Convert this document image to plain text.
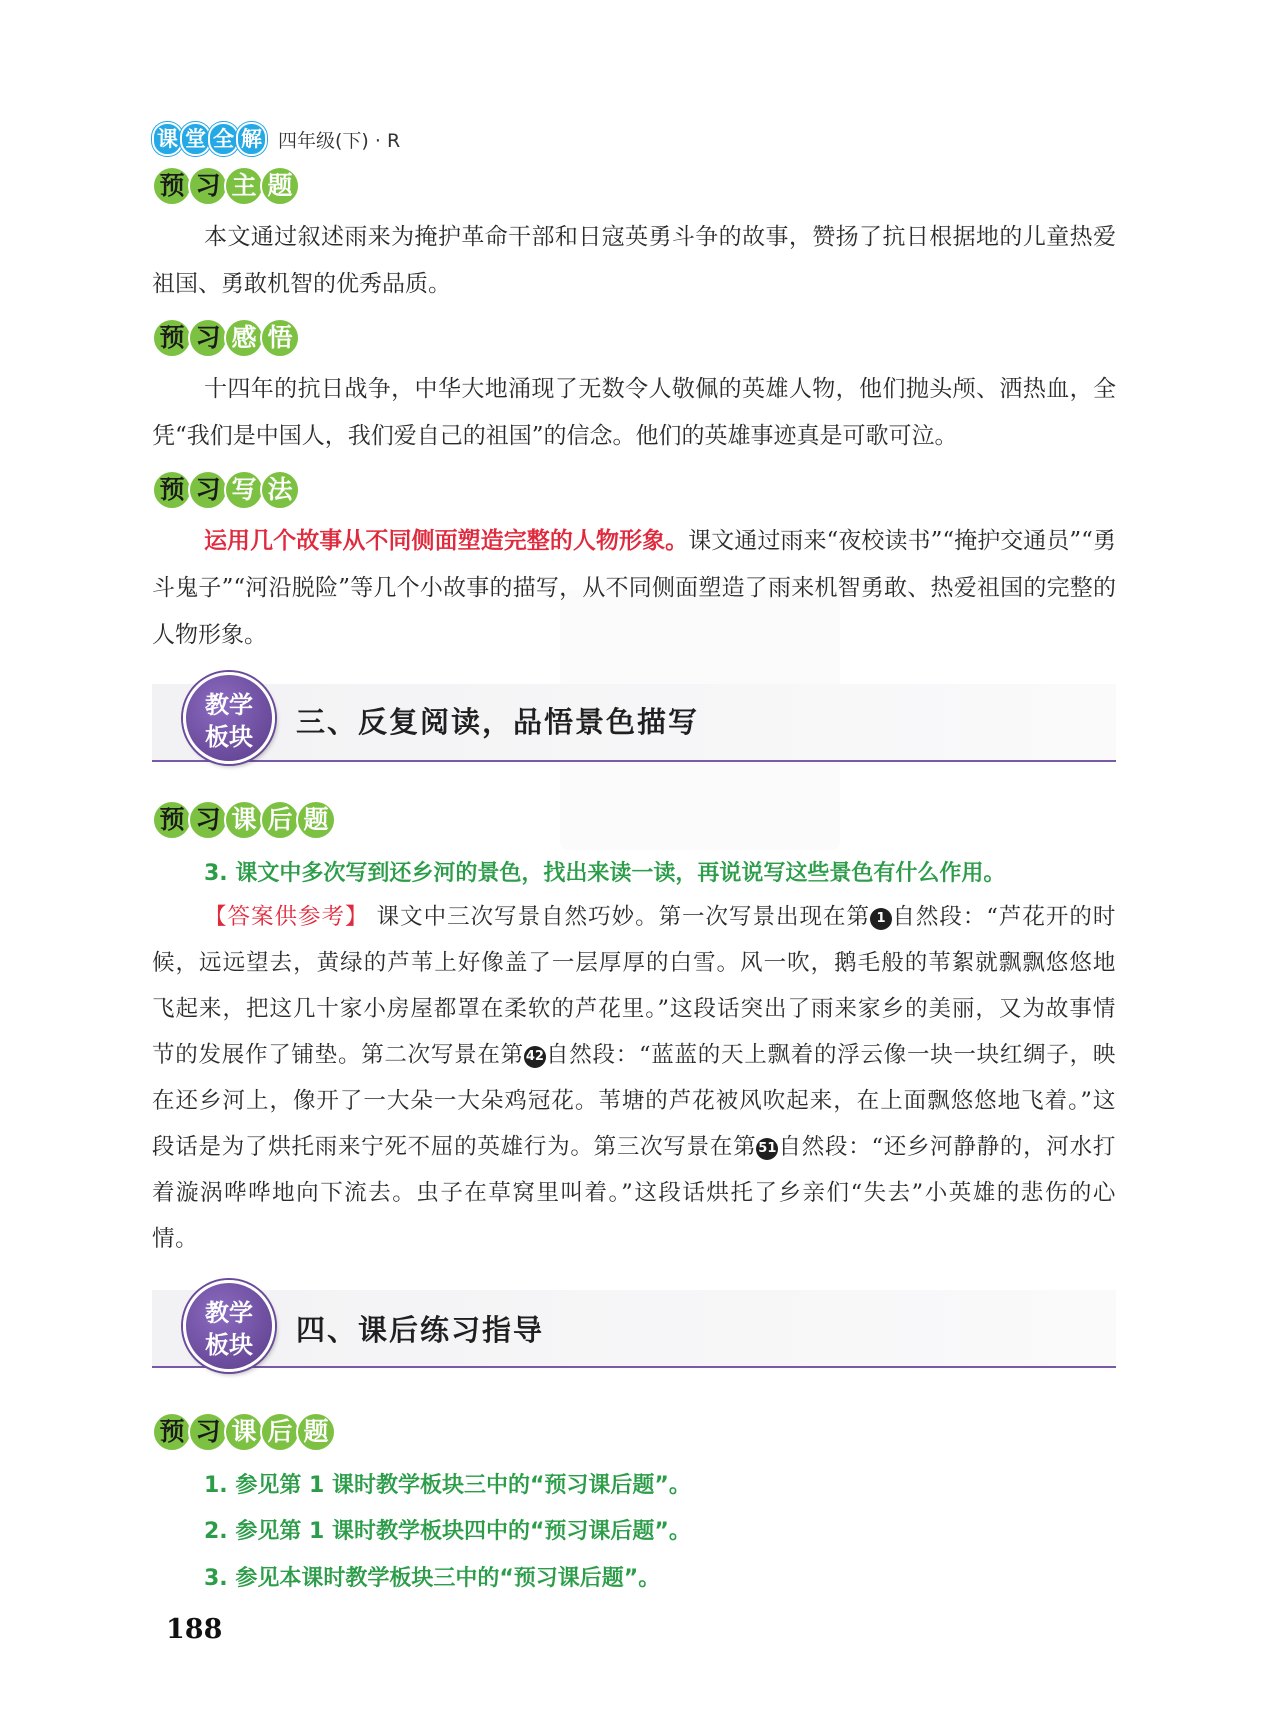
课 堂 全 解 四年级(下) · R
预 习 主 题

本文通过叙述雨来为掩护革命干部和日寇英勇斗争的故事，赞扬了抗日根据地的儿童热爱祖国、勇敢机智的优秀品质。

预 习 感 悟

十四年的抗日战争，中华大地涌现了无数令人敬佩的英雄人物，他们抛头颅、洒热血，全凭“我们是中国人，我们爱自己的祖国”的信念。他们的英雄事迹真是可歌可泣。

预 习 写 法

运用几个故事从不同侧面塑造完整的人物形象。课文通过雨来“夜校读书”“掩护交通员”“勇斗鬼子”“河沿脱险”等几个小故事的描写，从不同侧面塑造了雨来机智勇敢、热爱祖国的完整的人物形象。

教学
板块	三、反复阅读，品悟景色描写
预 习 课 后 题

3. 课文中多次写到还乡河的景色，找出来读一读，再说说写这些景色有什么作用。

【答案供参考】 课文中三次写景自然巧妙。第一次写景出现在第 1 自然段：“芦花开的时候，远远望去，黄绿的芦苇上好像盖了一层厚厚的白雪。风一吹，鹅毛般的苇絮就飘飘悠悠地飞起来，把这几十家小房屋都罩在柔软的芦花里。”这段话突出了雨来家乡的美丽，又为故事情节的发展作了铺垫。第二次写景在第 42自然段：“蓝蓝的天上飘着的浮云像一块一块红绸子，映在还乡河上，像开了一大朵一大朵鸡冠花。苇塘的芦花被风吹起来，在上面飘悠悠地飞着。”这段话是为了烘托雨来宁死不屈的英雄行为。第三次写景在第 51自然段：“还乡河静静的，河水打着漩涡哗哗地向下流去。虫子在草窝里叫着。”这段话烘托了乡亲们“失去”小英雄的悲伤的心情。

教学
板块	四、课后练习指导
预 习 课 后 题

1. 参见第 1 课时教学板块三中的“预习课后题”。

2. 参见第 1 课时教学板块四中的“预习课后题”。

3. 参见本课时教学板块三中的“预习课后题”。

188
